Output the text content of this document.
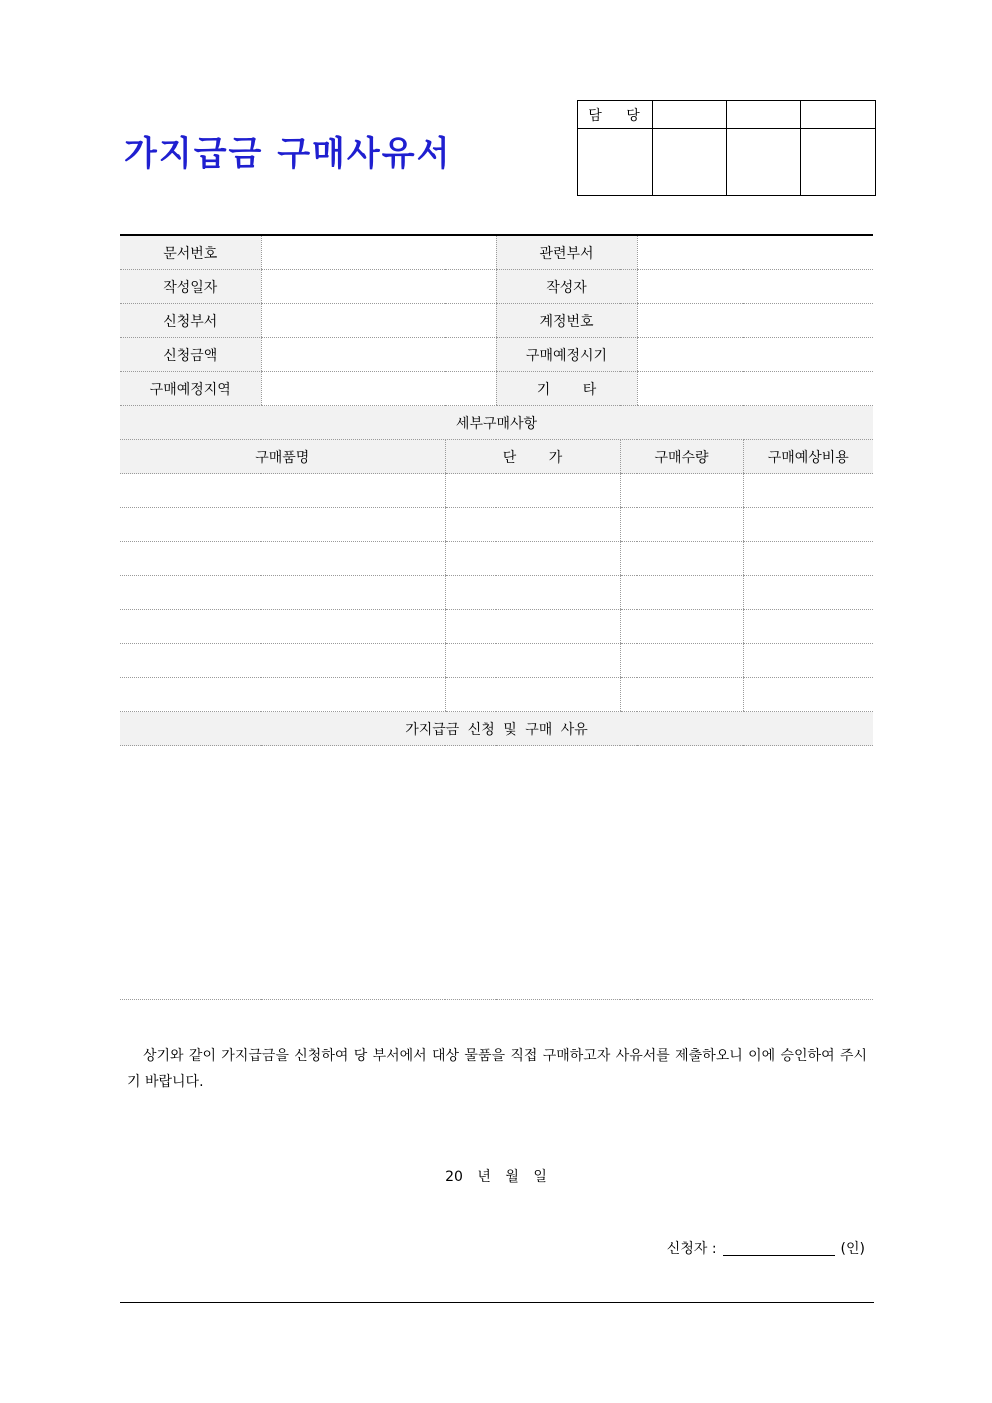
가지급금 구매사유서
담 당			

문서번호			관련부서			
작성일자			작성자			
신청부서			계정번호			
신청금액			구매예정시기			
구매예정지역			기 타			
세부구매사항						
구매품명		단 가		구매수량		구매예상비용

가지급금 신청 및 구매 사유						

상기와 같이 가지급금을 신청하여 당 부서에서 대상 물품을 직접 구매하고자 사유서를 제출하오니 이에 승인하여 주시기 바랍니다.
20 년 월 일
신청자 :	(인)
